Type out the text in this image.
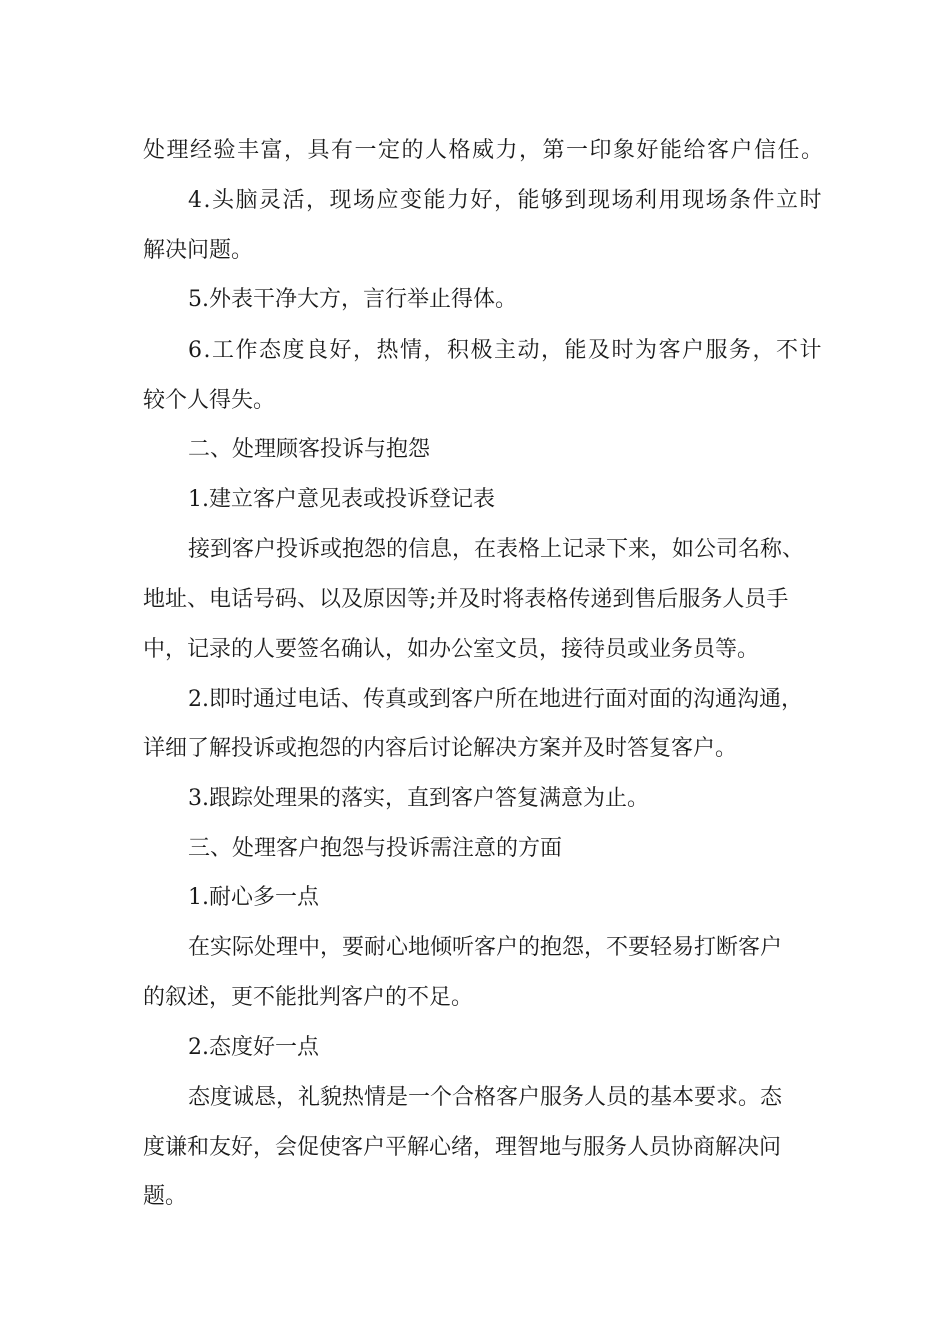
处理经验丰富，具有一定的人格威力，第一印象好能给客户信任。
4.头脑灵活，现场应变能力好，能够到现场利用现场条件立时
解决问题。
5.外表干净大方，言行举止得体。
6.工作态度良好，热情，积极主动，能及时为客户服务，不计
较个人得失。
二、处理顾客投诉与抱怨
1.建立客户意见表或投诉登记表
接到客户投诉或抱怨的信息，在表格上记录下来，如公司名称、
地址、电话号码、以及原因等;并及时将表格传递到售后服务人员手
中，记录的人要签名确认，如办公室文员，接待员或业务员等。
2.即时通过电话、传真或到客户所在地进行面对面的沟通沟通，
详细了解投诉或抱怨的内容后讨论解决方案并及时答复客户。
3.跟踪处理果的落实，直到客户答复满意为止。
三、处理客户抱怨与投诉需注意的方面
1.耐心多一点
在实际处理中，要耐心地倾听客户的抱怨，不要轻易打断客户
的叙述，更不能批判客户的不足。
2.态度好一点
态度诚恳，礼貌热情是一个合格客户服务人员的基本要求。态
度谦和友好，会促使客户平解心绪，理智地与服务人员协商解决问
题。
